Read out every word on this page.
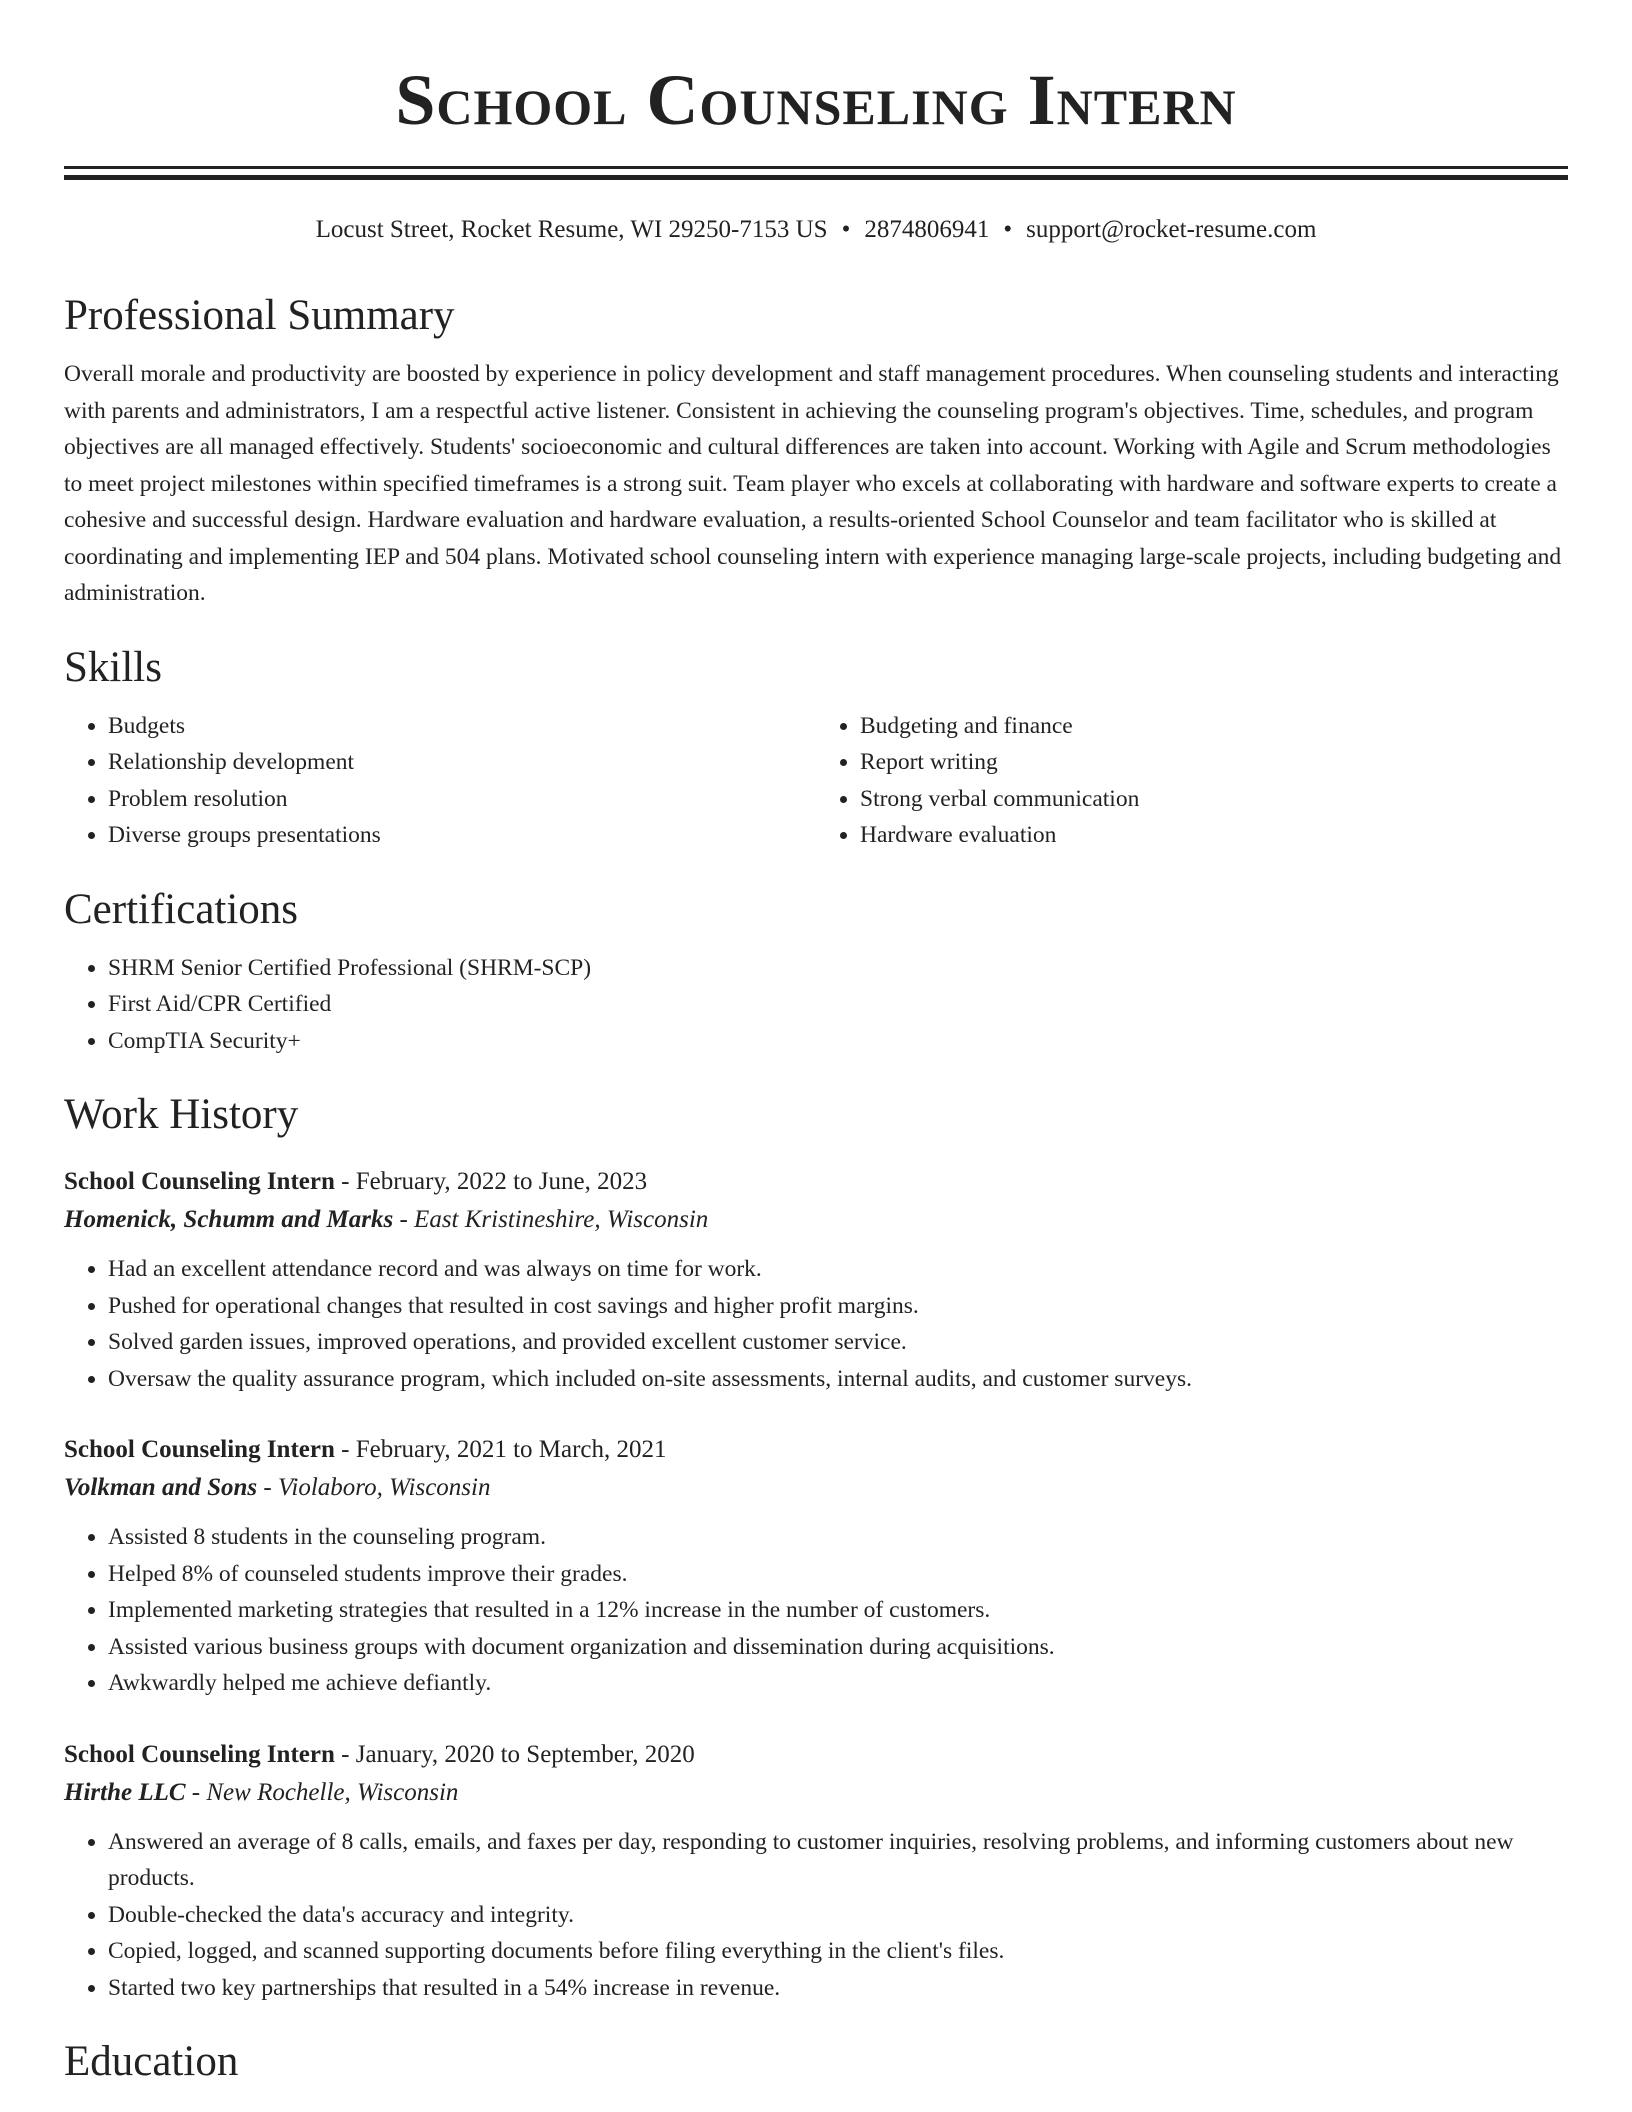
School Counseling Intern
Locust Street, Rocket Resume, WI 29250-7153 US • 2874806941 • support@rocket-resume.com
Professional Summary
Overall morale and productivity are boosted by experience in policy development and staff management procedures. When counseling students and interacting with parents and administrators, I am a respectful active listener. Consistent in achieving the counseling program's objectives. Time, schedules, and program objectives are all managed effectively. Students' socioeconomic and cultural differences are taken into account. Working with Agile and Scrum methodologies to meet project milestones within specified timeframes is a strong suit. Team player who excels at collaborating with hardware and software experts to create a cohesive and successful design. Hardware evaluation and hardware evaluation, a results-oriented School Counselor and team facilitator who is skilled at coordinating and implementing IEP and 504 plans. Motivated school counseling intern with experience managing large-scale projects, including budgeting and administration.
Skills
• Budgets
• Relationship development
• Problem resolution
• Diverse groups presentations
• Budgeting and finance
• Report writing
• Strong verbal communication
• Hardware evaluation
Certifications
• SHRM Senior Certified Professional (SHRM-SCP)
• First Aid/CPR Certified
• CompTIA Security+
Work History
School Counseling Intern - February, 2022 to June, 2023
Homenick, Schumm and Marks - East Kristineshire, Wisconsin
• Had an excellent attendance record and was always on time for work.
• Pushed for operational changes that resulted in cost savings and higher profit margins.
• Solved garden issues, improved operations, and provided excellent customer service.
• Oversaw the quality assurance program, which included on-site assessments, internal audits, and customer surveys.
School Counseling Intern - February, 2021 to March, 2021
Volkman and Sons - Violaboro, Wisconsin
• Assisted 8 students in the counseling program.
• Helped 8% of counseled students improve their grades.
• Implemented marketing strategies that resulted in a 12% increase in the number of customers.
• Assisted various business groups with document organization and dissemination during acquisitions.
• Awkwardly helped me achieve defiantly.
School Counseling Intern - January, 2020 to September, 2020
Hirthe LLC - New Rochelle, Wisconsin
• Answered an average of 8 calls, emails, and faxes per day, responding to customer inquiries, resolving problems, and informing customers about new products.
• Double-checked the data's accuracy and integrity.
• Copied, logged, and scanned supporting documents before filing everything in the client's files.
• Started two key partnerships that resulted in a 54% increase in revenue.
Education
